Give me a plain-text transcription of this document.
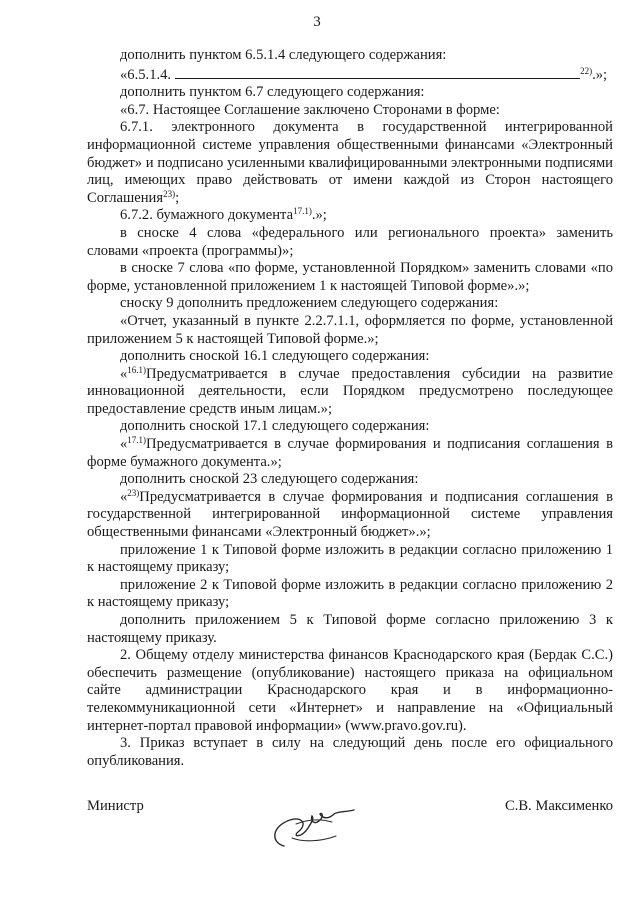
3

дополнить пунктом 6.5.1.4 следующего содержания:

«6.5.1.4.	$^{22)}$.»;

дополнить пунктом 6.7 следующего содержания:

«6.7. Настоящее Соглашение заключено Сторонами в форме:

6.7.1. электронного документа в государственной интегрированной информационной системе управления общественными финансами «Электронный бюджет» и подписано усиленными квалифицированными электронными подписями лиц, имеющих право действовать от имени каждой из Сторон настоящего Соглашения$^{23)}$;

6.7.2. бумажного документа$^{17.1)}$.»;

в сноске 4 слова «федерального или регионального проекта» заменить словами «проекта (программы)»;

в сноске 7 слова «по форме, установленной Порядком» заменить словами «по форме, установленной приложением 1 к настоящей Типовой форме».»;

сноску 9 дополнить предложением следующего содержания:

«Отчет, указанный в пункте 2.2.7.1.1, оформляется по форме, установленной приложением 5 к настоящей Типовой форме.»;

дополнить сноской 16.1 следующего содержания:

«$^{16.1)}$Предусматривается в случае предоставления субсидии на развитие инновационной деятельности, если Порядком предусмотрено последующее предоставление средств иным лицам.»;

дополнить сноской 17.1 следующего содержания:

«$^{17.1)}$Предусматривается в случае формирования и подписания соглашения в форме бумажного документа.»;

дополнить сноской 23 следующего содержания:

«$^{23)}$Предусматривается в случае формирования и подписания соглашения в государственной интегрированной информационной системе управления общественными финансами «Электронный бюджет».»;

приложение 1 к Типовой форме изложить в редакции согласно приложению 1 к настоящему приказу;

приложение 2 к Типовой форме изложить в редакции согласно приложению 2 к настоящему приказу;

дополнить приложением 5 к Типовой форме согласно приложению 3 к настоящему приказу.

2. Общему отделу министерства финансов Краснодарского края (Бердак С.С.) обеспечить размещение (опубликование) настоящего приказа на официальном сайте администрации Краснодарского края и в информационно-телекоммуникационной сети «Интернет» и направление на «Официальный интернет-портал правовой информации» (www.pravo.gov.ru).

3. Приказ вступает в силу на следующий день после его официального опубликования.

Министр	С.В. Максименко
